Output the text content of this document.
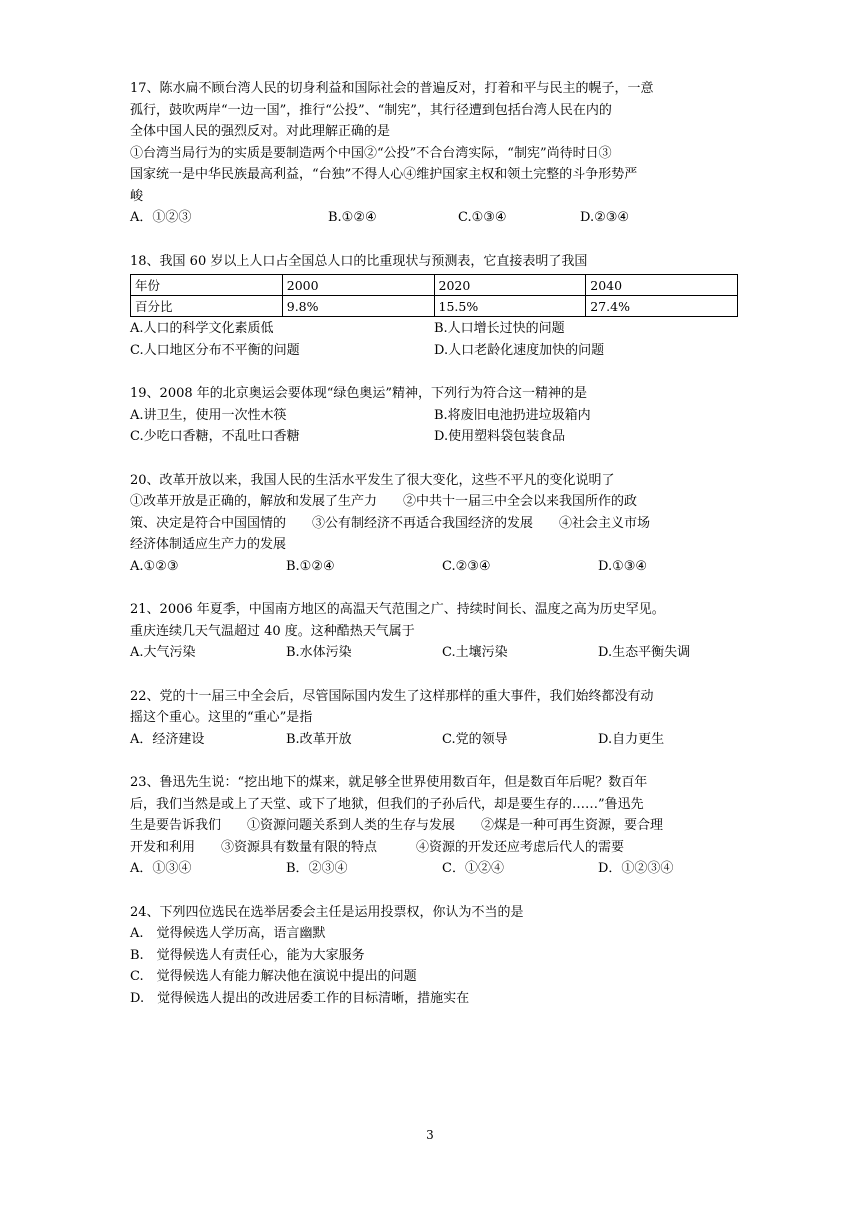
17、陈水扁不顾台湾人民的切身利益和国际社会的普遍反对，打着和平与民主的幌子，一意

孤行，鼓吹两岸“一边一国”，推行“公投”、“制宪”，其行径遭到包括台湾人民在内的

全体中国人民的强烈反对。对此理解正确的是

①台湾当局行为的实质是要制造两个中国②“公投”不合台湾实际，“制宪”尚待时日③

国家统一是中华民族最高利益，“台独”不得人心④维护国家主权和领土完整的斗争形势严

峻

A．①②③	B.①②④	C.①③④	D.②③④

18、我国 60 岁以上人口占全国总人口的比重现状与预测表，它直接表明了我国

年份	2000	2020	2040
百分比	9.8%	15.5%	27.4%
A.人口的科学文化素质低	B.人口增长过快的问题
C.人口地区分布不平衡的问题	D.人口老龄化速度加快的问题

19、2008 年的北京奥运会要体现“绿色奥运”精神，下列行为符合这一精神的是

A.讲卫生，使用一次性木筷	B.将废旧电池扔进垃圾箱内
C.少吃口香糖，不乱吐口香糖	D.使用塑料袋包装食品

20、改革开放以来，我国人民的生活水平发生了很大变化，这些不平凡的变化说明了

①改革开放是正确的，解放和发展了生产力　　②中共十一届三中全会以来我国所作的政

策、决定是符合中国国情的　　③公有制经济不再适合我国经济的发展　　④社会主义市场

经济体制适应生产力的发展

A.①②③	B.①②④	C.②③④	D.①③④

21、2006 年夏季，中国南方地区的高温天气范围之广、持续时间长、温度之高为历史罕见。

重庆连续几天气温超过 40 度。这种酷热天气属于

A.大气污染	B.水体污染	C.土壤污染	D.生态平衡失调

22、党的十一届三中全会后，尽管国际国内发生了这样那样的重大事件，我们始终都没有动

摇这个重心。这里的“重心”是指

A．经济建设	B.改革开放	C.党的领导	D.自力更生

23、鲁迅先生说：“挖出地下的煤来，就足够全世界使用数百年，但是数百年后呢？数百年

后，我们当然是或上了天堂、或下了地狱，但我们的子孙后代，却是要生存的……”鲁迅先

生是要告诉我们　　①资源问题关系到人类的生存与发展　　②煤是一种可再生资源，要合理

开发和利用　　③资源具有数量有限的特点　　　④资源的开发还应考虑后代人的需要

A．①③④	B．②③④	C．①②④	D．①②③④

24、下列四位选民在选举居委会主任是运用投票权，你认为不当的是

A.　觉得候选人学历高，语言幽默

B.　觉得候选人有责任心，能为大家服务

C.　觉得候选人有能力解决他在演说中提出的问题

D.　觉得候选人提出的改进居委工作的目标清晰，措施实在

3
